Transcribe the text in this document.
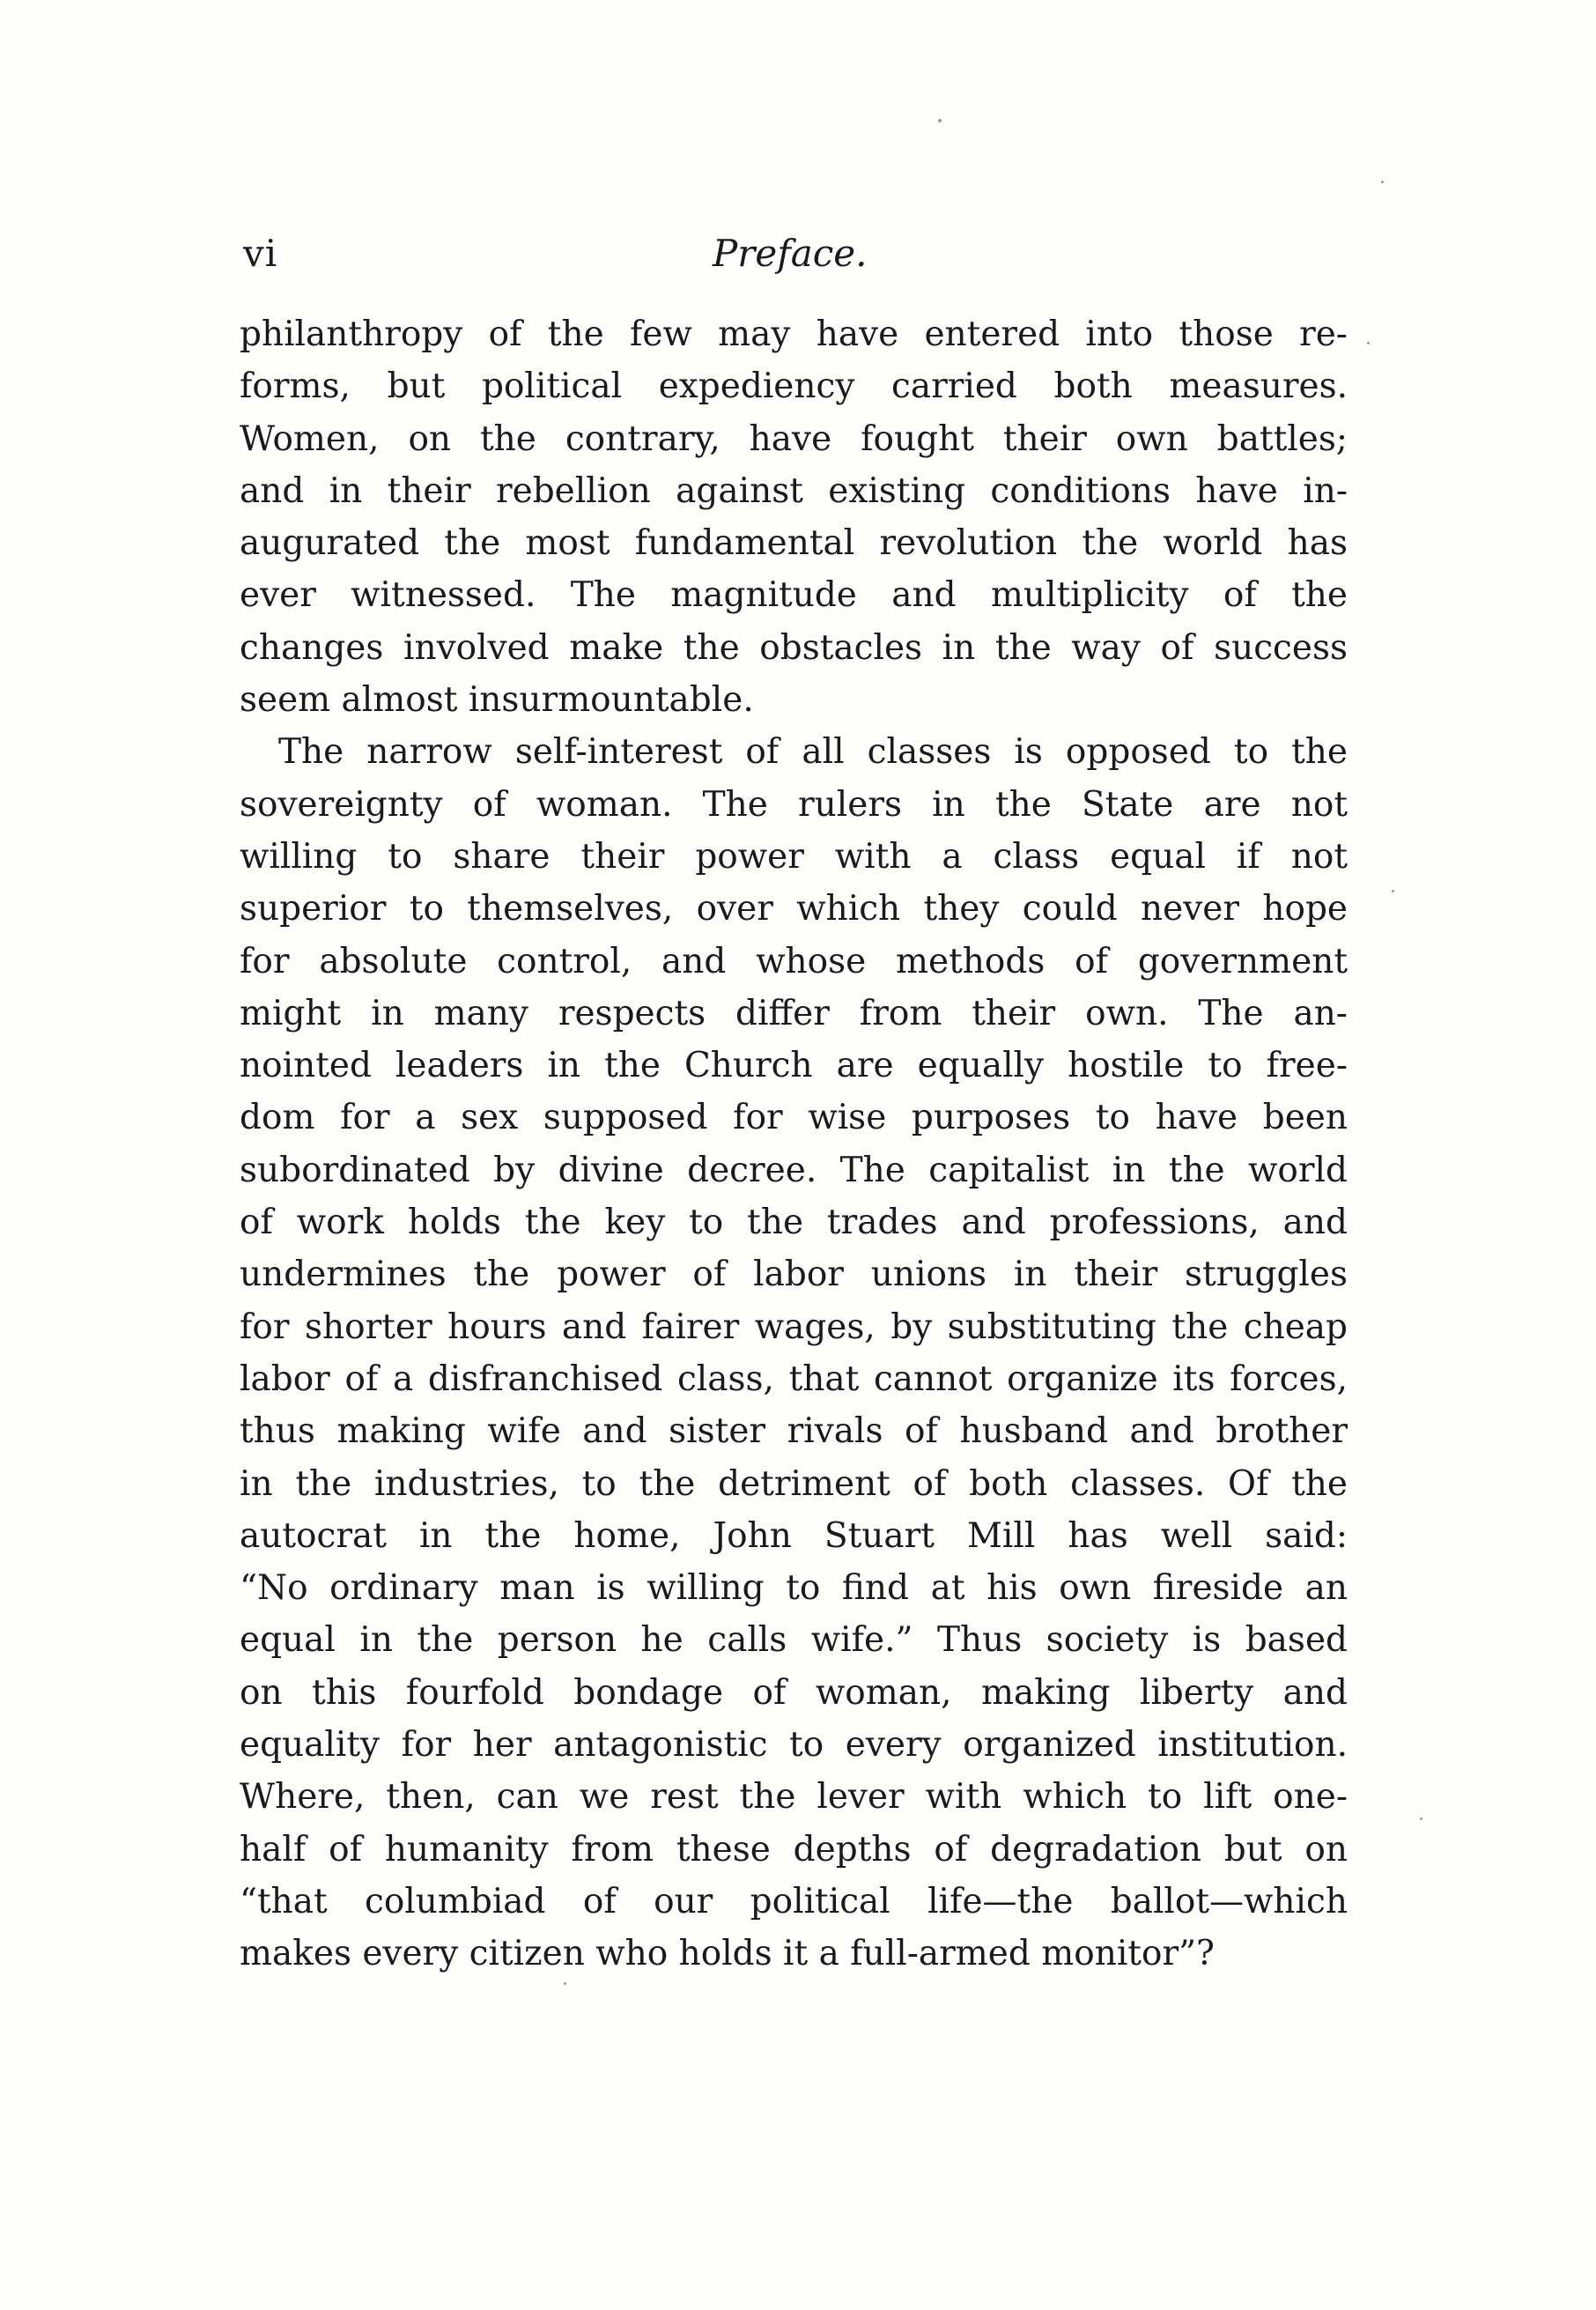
vi	Preface.

philanthropy of the few may have entered into those re-
forms, but political expediency carried both measures.
Women, on the contrary, have fought their own battles;
and in their rebellion against existing conditions have in-
augurated the most fundamental revolution the world has
ever witnessed. The magnitude and multiplicity of the
changes involved make the obstacles in the way of success
seem almost insurmountable.

The narrow self-interest of all classes is opposed to the
sovereignty of woman. The rulers in the State are not
willing to share their power with a class equal if not
superior to themselves, over which they could never hope
for absolute control, and whose methods of government
might in many respects differ from their own. The an-
nointed leaders in the Church are equally hostile to free-
dom for a sex supposed for wise purposes to have been
subordinated by divine decree. The capitalist in the world
of work holds the key to the trades and professions, and
undermines the power of labor unions in their struggles
for shorter hours and fairer wages, by substituting the cheap
labor of a disfranchised class, that cannot organize its forces,
thus making wife and sister rivals of husband and brother
in the industries, to the detriment of both classes. Of the
autocrat in the home, John Stuart Mill has well said:
“No ordinary man is willing to find at his own fireside an
equal in the person he calls wife.” Thus society is based
on this fourfold bondage of woman, making liberty and
equality for her antagonistic to every organized institution.
Where, then, can we rest the lever with which to lift one-
half of humanity from these depths of degradation but on
“that columbiad of our political life—the ballot—which
makes every citizen who holds it a full-armed monitor”?
